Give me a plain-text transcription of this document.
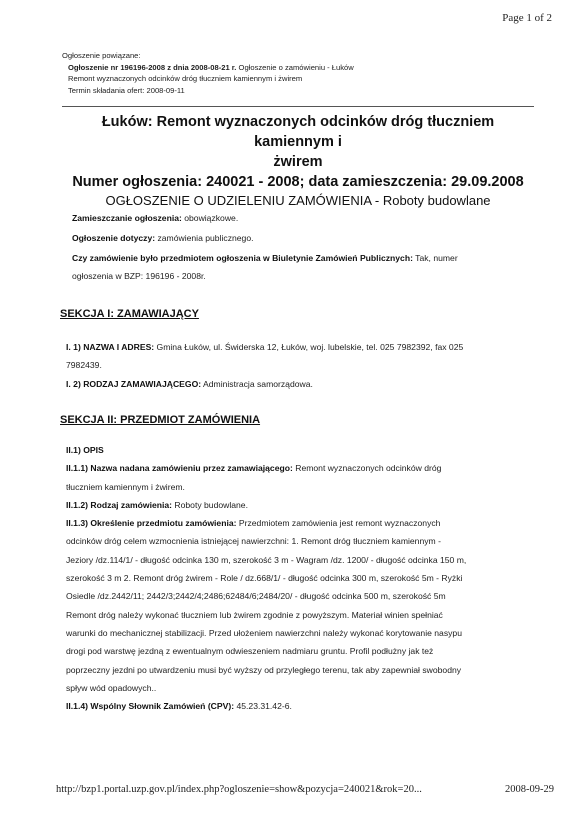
Page 1 of 2
Ogłoszenie powiązane:
Ogłoszenie nr 196196-2008 z dnia 2008-08-21 r. Ogłoszenie o zamówieniu - Łuków
Remont wyznaczonych odcinków dróg tłuczniem kamiennym i żwirem
Termin składania ofert: 2008-09-11
Łuków: Remont wyznaczonych odcinków dróg tłuczniem kamiennym i
żwirem
Numer ogłoszenia: 240021 - 2008; data zamieszczenia: 29.09.2008
OGŁOSZENIE O UDZIELENIU ZAMÓWIENIA - Roboty budowlane
Zamieszczanie ogłoszenia: obowiązkowe.
Ogłoszenie dotyczy: zamówienia publicznego.
Czy zamówienie było przedmiotem ogłoszenia w Biuletynie Zamówień Publicznych: Tak, numer
ogłoszenia w BZP: 196196 - 2008r.
SEKCJA I: ZAMAWIAJĄCY
I. 1) NAZWA I ADRES: Gmina Łuków, ul. Świderska 12, Łuków, woj. lubelskie, tel. 025 7982392, fax 025
7982439.
I. 2) RODZAJ ZAMAWIAJĄCEGO: Administracja samorządowa.
SEKCJA II: PRZEDMIOT ZAMÓWIENIA
II.1) OPIS
II.1.1) Nazwa nadana zamówieniu przez zamawiającego: Remont wyznaczonych odcinków dróg
tłuczniem kamiennym i żwirem.
II.1.2) Rodzaj zamówienia: Roboty budowlane.
II.1.3) Określenie przedmiotu zamówienia: Przedmiotem zamówienia jest remont wyznaczonych
odcinków dróg celem wzmocnienia istniejącej nawierzchni: 1. Remont dróg tłuczniem kamiennym -
Jeziory /dz.114/1/ - długość odcinka 130 m, szerokość 3 m - Wagram /dz. 1200/ - długość odcinka 150 m,
szerokość 3 m 2. Remont dróg żwirem - Role / dz.668/1/ - długość odcinka 300 m, szerokość 5m - Ryżki
Osiedle /dz.2442/11; 2442/3;2442/4;2486;62484/6;2484/20/ - długość odcinka 500 m, szerokość 5m
Remont dróg należy wykonać tłuczniem lub żwirem zgodnie z powyższym. Materiał winien spełniać
warunki do mechanicznej stabilizacji. Przed ułożeniem nawierzchni należy wykonać korytowanie nasypu
drogi pod warstwę jezdną z ewentualnym odwieszeniem nadmiaru gruntu. Profil podłużny jak też
poprzeczny jezdni po utwardzeniu musi być wyższy od przyległego terenu, tak aby zapewniał swobodny
spływ wód opadowych..
II.1.4) Wspólny Słownik Zamówień (CPV): 45.23.31.42-6.
http://bzp1.portal.uzp.gov.pl/index.php?ogloszenie=show&pozycja=240021&rok=20...	2008-09-29
